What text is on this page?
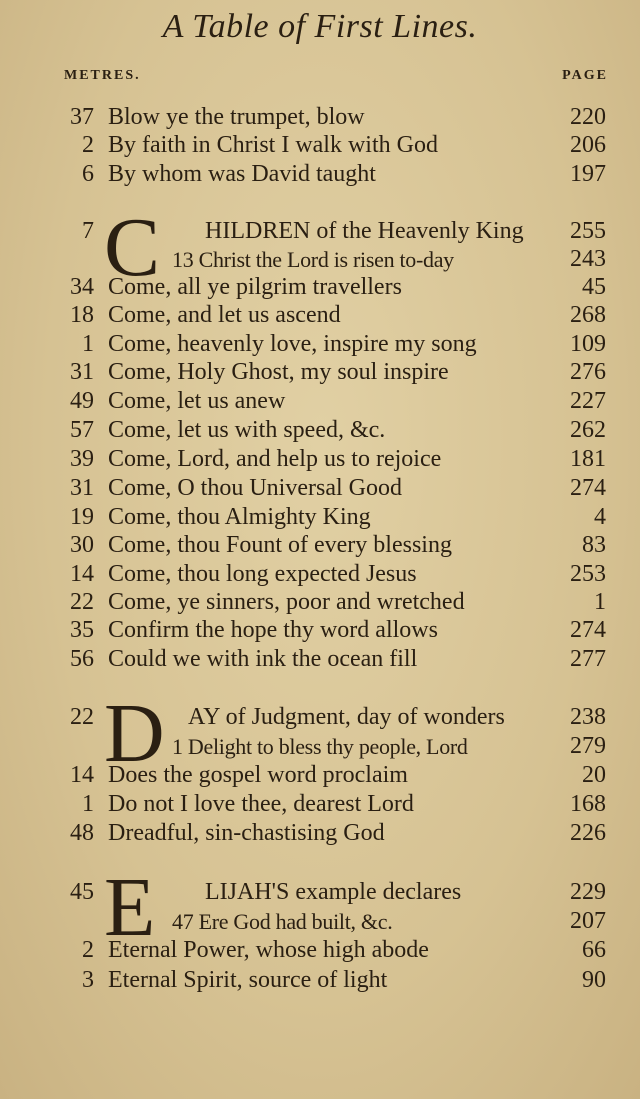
A Table of First Lines.
METRES.	PAGE
C
D
E
37 Blow ye the trumpet, blow	220
2 By faith in Christ I walk with God	206
6 By whom was David taught	197
7	HILDREN of the Heavenly King 255
13 Christ the Lord is risen to-day	243
34 Come, all ye pilgrim travellers	45
18 Come, and let us ascend	268
1 Come, heavenly love, inspire my song	109
31 Come, Holy Ghost, my soul inspire	276
49 Come, let us anew	227
57 Come, let us with speed, &c.	262
39 Come, Lord, and help us to rejoice	181
31 Come, O thou Universal Good	274
19 Come, thou Almighty King	4
30 Come, thou Fount of every blessing	83
14 Come, thou long expected Jesus	253
22 Come, ye sinners, poor and wretched	1
35 Confirm the hope thy word allows	274
56 Could we with ink the ocean fill	277
22	AY of Judgment, day of wonders	238
1 Delight to bless thy people, Lord	279
14 Does the gospel word proclaim	20
1 Do not I love thee, dearest Lord	168
48 Dreadful, sin-chastising God	226
45	LIJAH'S example declares	229
47 Ere God had built, &c.	207
2 Eternal Power, whose high abode	66
3 Eternal Spirit, source of light	90
